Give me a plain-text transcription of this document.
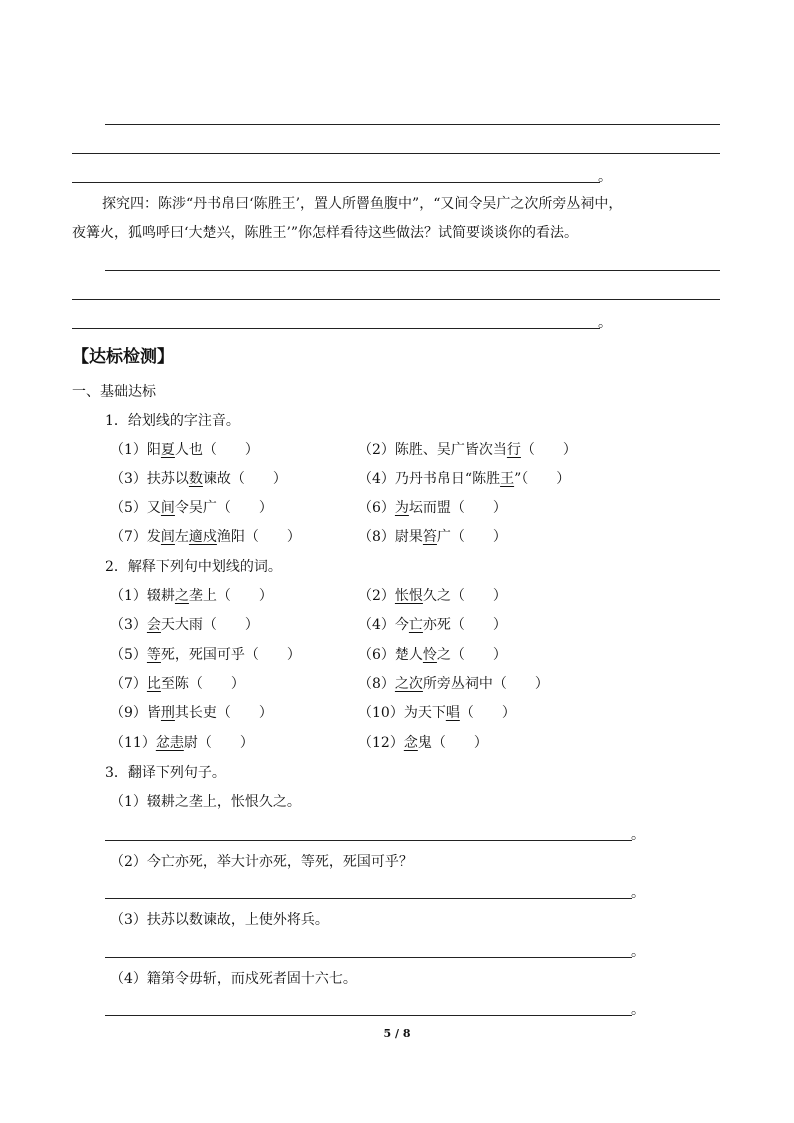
。
探究四：陈涉“丹书帛曰‘陈胜王’，置人所罾鱼腹中”，“又间令吴广之次所旁丛祠中，
夜篝火，狐鸣呼曰‘大楚兴，陈胜王’”你怎样看待这些做法？试简要谈谈你的看法。
。
【达标检测】
一、基础达标
1．给划线的字注音。
（1）阳夏人也（　　）	（2）陈胜、吴广皆次当行（　　）
（3）扶苏以数谏故（　　）	（4）乃丹书帛日“陈胜王”（　　）
（5）又间令吴广（　　）	（6）为坛而盟（　　）
（7）发闾左適戍渔阳（　　）	（8）尉果笞广（　　）
2．解释下列句中划线的词。
（1）辍耕之垄上（　　）	（2）怅恨久之（　　）
（3）会天大雨（　　）	（4）今亡亦死（　　）
（5）等死，死国可乎（　　）	（6）楚人怜之（　　）
（7）比至陈（　　）	（8）之次所旁丛祠中（　　）
（9）皆刑其长吏（　　）	（10）为天下唱（　　）
（11）忿恚尉（　　）	（12）念鬼（　　）
3．翻译下列句子。
（1）辍耕之垄上，怅恨久之。
。
（2）今亡亦死，举大计亦死，等死，死国可乎？
。
（3）扶苏以数谏故，上使外将兵。
。
（4）籍第令毋斩，而戍死者固十六七。
。
5 / 8
